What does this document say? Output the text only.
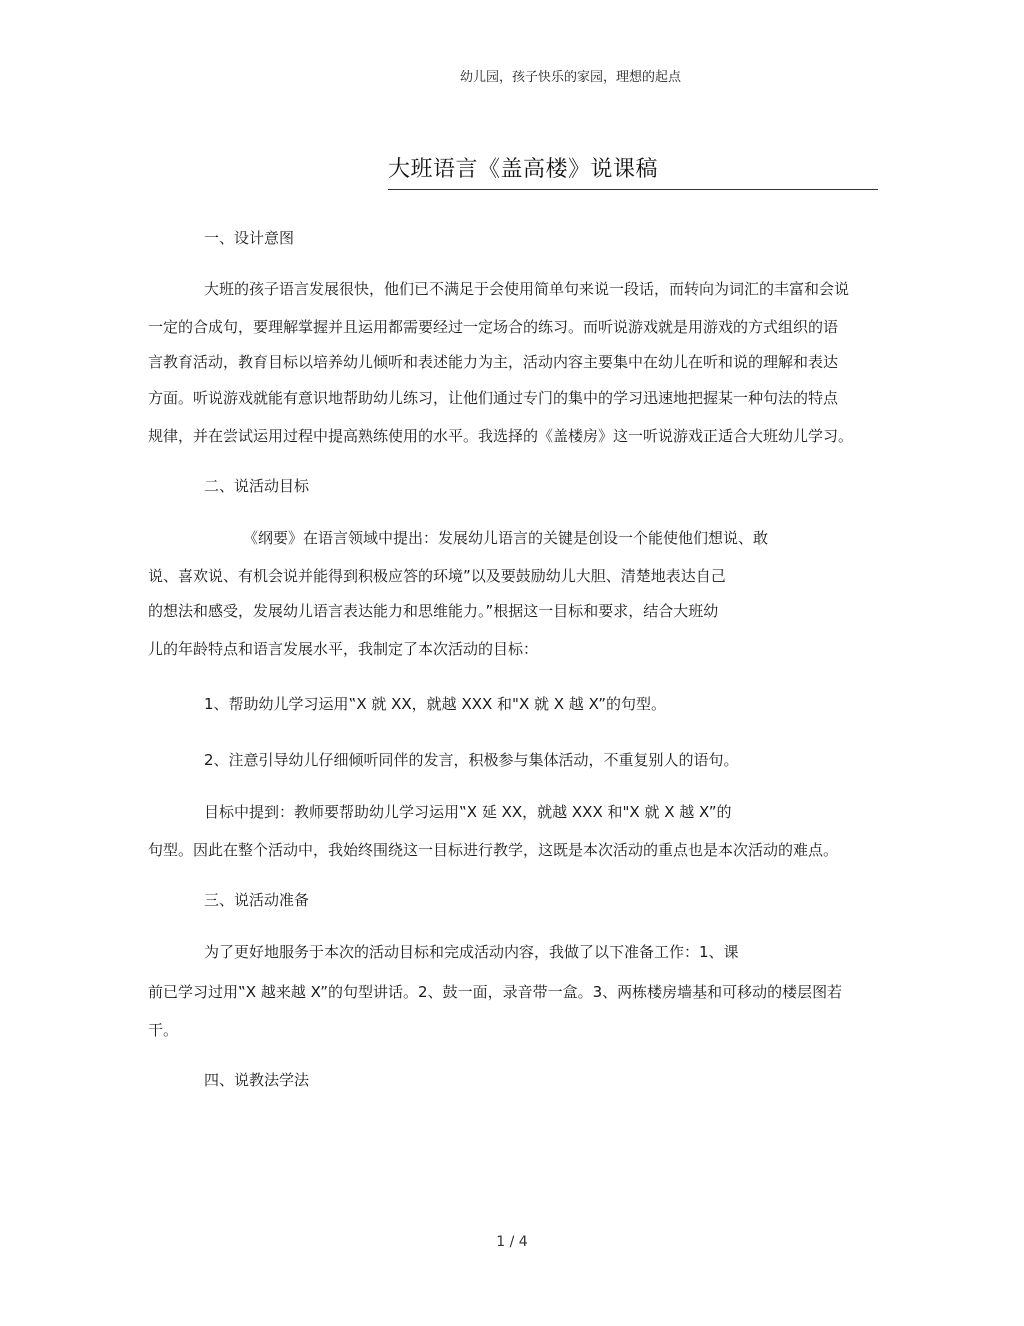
幼儿园，孩子快乐的家园，理想的起点
大班语言《盖高楼》说课稿
一、设计意图
大班的孩子语言发展很快，他们已不满足于会使用简单句来说一段话，而转向为词汇的丰富和会说
一定的合成句，要理解掌握并且运用都需要经过一定场合的练习。而听说游戏就是用游戏的方式组织的语
言教育活动，教育目标以培养幼儿倾听和表述能力为主，活动内容主要集中在幼儿在听和说的理解和表达
方面。听说游戏就能有意识地帮助幼儿练习，让他们通过专门的集中的学习迅速地把握某一种句法的特点
规律，并在尝试运用过程中提高熟练使用的水平。我选择的《盖楼房》这一听说游戏正适合大班幼儿学习。
二、说活动目标
《纲要》在语言领域中提出：发展幼儿语言的关键是创设一个能使他们想说、敢
说、喜欢说、有机会说并能得到积极应答的环境”以及要鼓励幼儿大胆、清楚地表达自己
的想法和感受，发展幼儿语言表达能力和思维能力。”根据这一目标和要求，结合大班幼
儿的年龄特点和语言发展水平，我制定了本次活动的目标：
1、帮助幼儿学习运用‟X 就 XX，就越 XXX 和"X 就 X 越 X”的句型。
2、注意引导幼儿仔细倾听同伴的发言，积极参与集体活动，不重复别人的语句。
目标中提到：教师要帮助幼儿学习运用‟X 延 XX，就越 XXX 和"X 就 X 越 X”的
句型。因此在整个活动中，我始终围绕这一目标进行教学，这既是本次活动的重点也是本次活动的难点。
三、说活动准备
为了更好地服务于本次的活动目标和完成活动内容，我做了以下准备工作：1、课
前已学习过用‟X 越来越 X”的句型讲话。2、鼓一面，录音带一盒。3、两栋楼房墙基和可移动的楼层图若
干。
四、说教法学法
1 / 4
